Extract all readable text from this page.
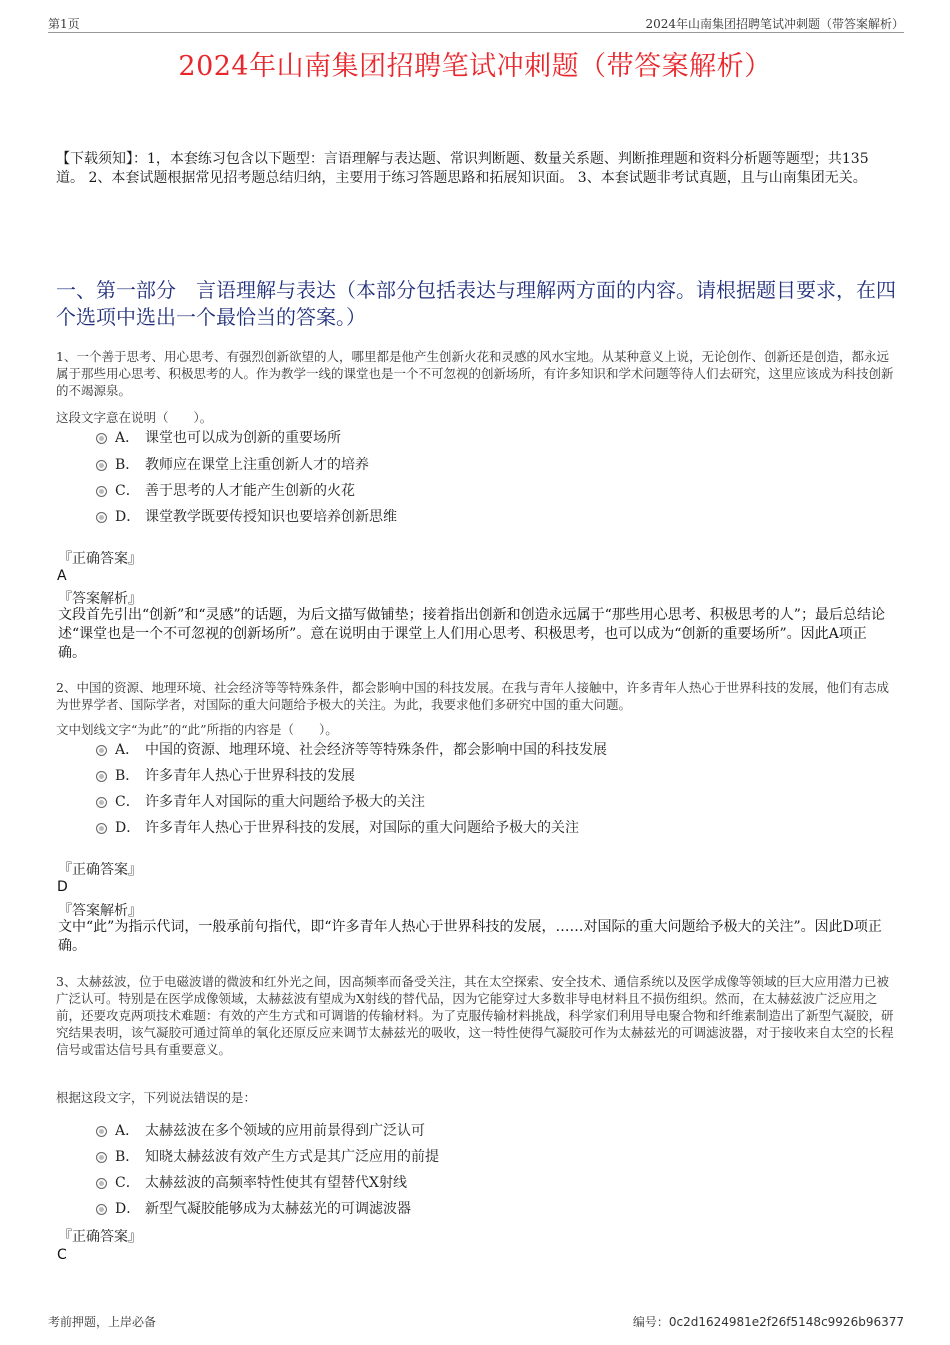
第1页	2024年山南集团招聘笔试冲刺题（带答案解析）
2024年山南集团招聘笔试冲刺题（带答案解析）
【下载须知】：1，本套练习包含以下题型：言语理解与表达题、常识判断题、数量关系题、判断推理题和资料分析题等题型；共135道。 2、本套试题根据常见招考题总结归纳，主要用于练习答题思路和拓展知识面。 3、本套试题非考试真题，且与山南集团无关。
一、第一部分　言语理解与表达（本部分包括表达与理解两方面的内容。请根据题目要求，在四个选项中选出一个最恰当的答案。）
1、一个善于思考、用心思考、有强烈创新欲望的人，哪里都是他产生创新火花和灵感的风水宝地。从某种意义上说，无论创作、创新还是创造，都永远属于那些用心思考、积极思考的人。作为教学一线的课堂也是一个不可忽视的创新场所，有许多知识和学术问题等待人们去研究，这里应该成为科技创新的不竭源泉。
这段文字意在说明（　　）。
A． 课堂也可以成为创新的重要场所
B． 教师应在课堂上注重创新人才的培养
C． 善于思考的人才能产生创新的火花
D． 课堂教学既要传授知识也要培养创新思维
『正确答案』
A
『答案解析』
文段首先引出“创新”和“灵感”的话题，为后文描写做铺垫；接着指出创新和创造永远属于“那些用心思考、积极思考的人”；最后总结论述“课堂也是一个不可忽视的创新场所”。意在说明由于课堂上人们用心思考、积极思考，也可以成为“创新的重要场所”。因此A项正确。
2、中国的资源、地理环境、社会经济等等特殊条件，都会影响中国的科技发展。在我与青年人接触中，许多青年人热心于世界科技的发展，他们有志成为世界学者、国际学者，对国际的重大问题给予极大的关注。为此，我要求他们多研究中国的重大问题。
文中划线文字“为此”的“此”所指的内容是（　　）。
A． 中国的资源、地理环境、社会经济等等特殊条件，都会影响中国的科技发展
B． 许多青年人热心于世界科技的发展
C． 许多青年人对国际的重大问题给予极大的关注
D． 许多青年人热心于世界科技的发展，对国际的重大问题给予极大的关注
『正确答案』
D
『答案解析』
文中“此”为指示代词，一般承前句指代，即“许多青年人热心于世界科技的发展，……对国际的重大问题给予极大的关注”。因此D项正确。
3、太赫兹波，位于电磁波谱的微波和红外光之间，因高频率而备受关注，其在太空探索、安全技术、通信系统以及医学成像等领域的巨大应用潜力已被广泛认可。特别是在医学成像领域，太赫兹波有望成为X射线的替代品，因为它能穿过大多数非导电材料且不损伤组织。然而，在太赫兹波广泛应用之前，还要攻克两项技术难题：有效的产生方式和可调谐的传输材料。为了克服传输材料挑战，科学家们利用导电聚合物和纤维素制造出了新型气凝胶，研究结果表明，该气凝胶可通过简单的氧化还原反应来调节太赫兹光的吸收，这一特性使得气凝胶可作为太赫兹光的可调滤波器，对于接收来自太空的长程信号或雷达信号具有重要意义。
根据这段文字，下列说法错误的是：
A． 太赫兹波在多个领域的应用前景得到广泛认可
B． 知晓太赫兹波有效产生方式是其广泛应用的前提
C． 太赫兹波的高频率特性使其有望替代X射线
D． 新型气凝胶能够成为太赫兹光的可调滤波器
『正确答案』
C
考前押题，上岸必备	编号：0c2d1624981e2f26f5148c9926b96377
